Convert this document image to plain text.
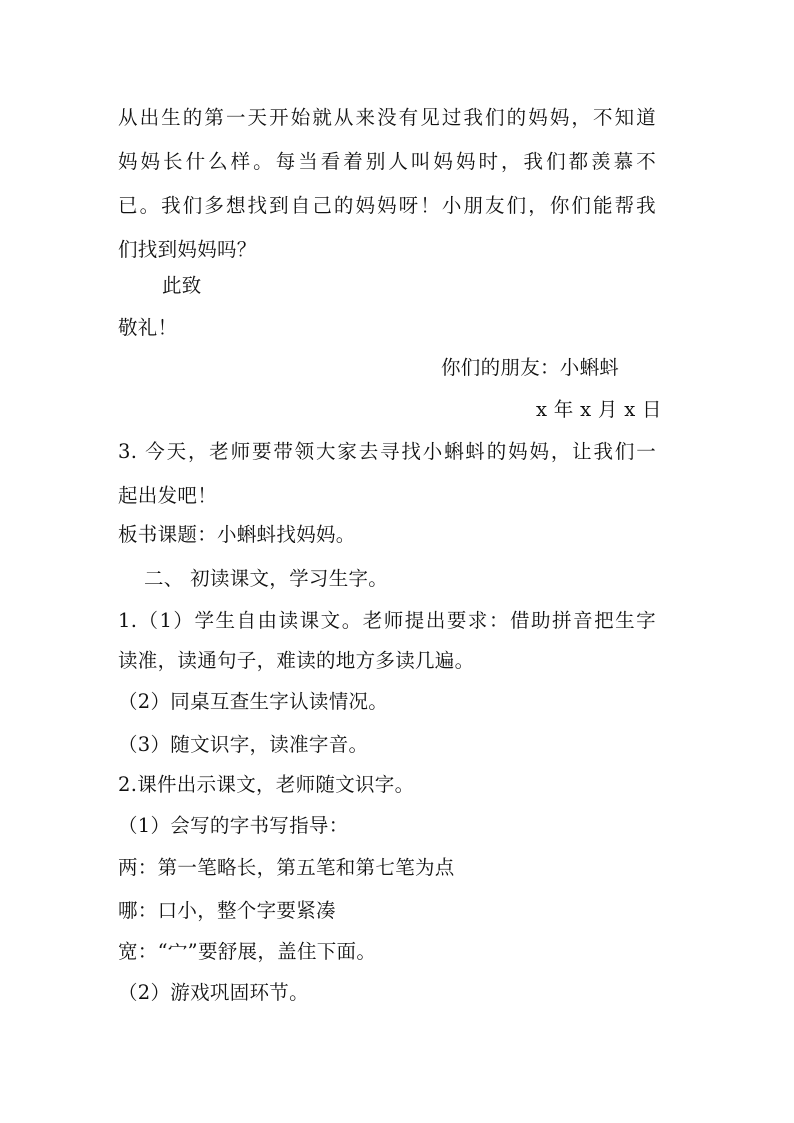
从出生的第一天开始就从来没有见过我们的妈妈，不知道
妈妈长什么样。每当看着别人叫妈妈时，我们都羡慕不
已。我们多想找到自己的妈妈呀！小朋友们，你们能帮我
们找到妈妈吗？
此致
敬礼！
你们的朋友：小蝌蚪
x 年 x 月 x 日
3. 今天，老师要带领大家去寻找小蝌蚪的妈妈，让我们一
起出发吧！
板书课题：小蝌蚪找妈妈。
二、 初读课文，学习生字。
1.（1）学生自由读课文。老师提出要求：借助拼音把生字
读准，读通句子，难读的地方多读几遍。
（2）同桌互查生字认读情况。
（3）随文识字，读准字音。
2.课件出示课文，老师随文识字。
（1）会写的字书写指导：
两：第一笔略长，第五笔和第七笔为点
哪：口小，整个字要紧凑
宽：“宀”要舒展，盖住下面。
（2）游戏巩固环节。
